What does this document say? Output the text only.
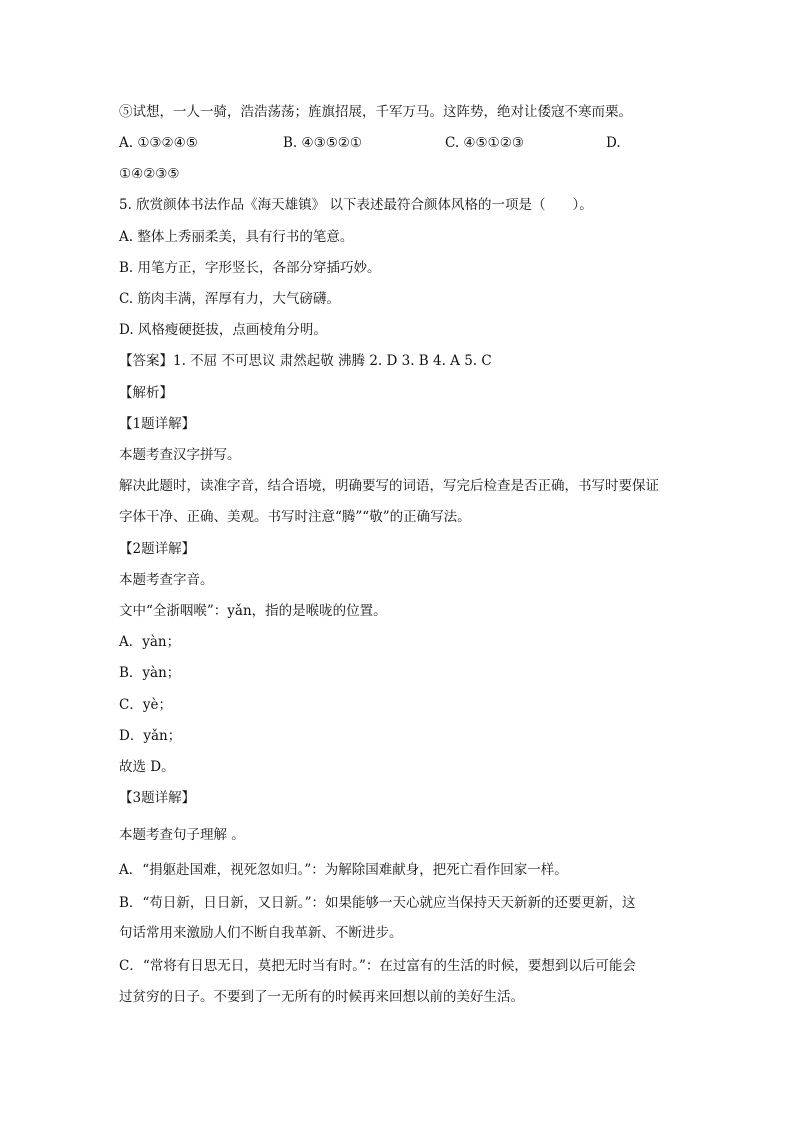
⑤试想，一人一骑，浩浩荡荡；旌旗招展，千军万马。这阵势，绝对让倭寇不寒而栗。
A. ①③②④⑤	B. ④③⑤②①	C. ④⑤①②③	D.
①④②③⑤
5. 欣赏颜体书法作品《海天雄镇》 以下表述最符合颜体风格的一项是（　　）。
A. 整体上秀丽柔美，具有行书的笔意。
B. 用笔方正，字形竖长，各部分穿插巧妙。
C. 筋肉丰满，浑厚有力，大气磅礴。
D. 风格瘦硬挺拔，点画棱角分明。
【答案】1. 不屈 不可思议 肃然起敬 沸腾 2. D 3. B 4. A 5. C
【解析】
【1题详解】
本题考查汉字拼写。
解决此题时，读准字音，结合语境，明确要写的词语，写完后检查是否正确，书写时要保证
字体干净、正确、美观。书写时注意“腾”“敬”的正确写法。
【2题详解】
本题考查字音。
文中“全浙咽喉”：yǎn，指的是喉咙的位置。
A．yàn；
B．yàn；
C．yè；
D．yǎn；
故选 D。
【3题详解】
本题考查句子理解 。
A．“捐躯赴国难，视死忽如归。”：为解除国难献身，把死亡看作回家一样。
B．“苟日新，日日新，又日新。”：如果能够一天心就应当保持天天新新的还要更新，这
句话常用来激励人们不断自我革新、不断进步。
C．“常将有日思无日，莫把无时当有时。”：在过富有的生活的时候，要想到以后可能会
过贫穷的日子。不要到了一无所有的时候再来回想以前的美好生活。
